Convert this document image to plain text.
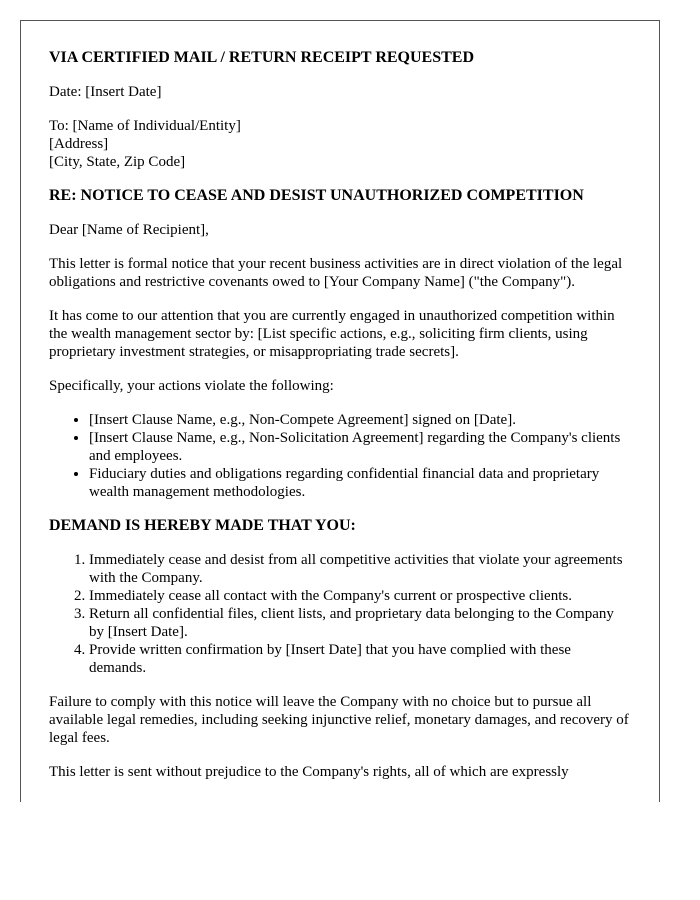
VIA CERTIFIED MAIL / RETURN RECEIPT REQUESTED

Date: [Insert Date]

To: [Name of Individual/Entity]
[Address]
[City, State, Zip Code]

RE: NOTICE TO CEASE AND DESIST UNAUTHORIZED COMPETITION

Dear [Name of Recipient],

This letter is formal notice that your recent business activities are in direct violation of the legal obligations and restrictive covenants owed to [Your Company Name] ("the Company").

It has come to our attention that you are currently engaged in unauthorized competition within the wealth management sector by: [List specific actions, e.g., soliciting firm clients, using proprietary investment strategies, or misappropriating trade secrets].

Specifically, your actions violate the following:

• [Insert Clause Name, e.g., Non-Compete Agreement] signed on [Date].
• [Insert Clause Name, e.g., Non-Solicitation Agreement] regarding the Company's clients and employees.
• Fiduciary duties and obligations regarding confidential financial data and proprietary wealth management methodologies.
DEMAND IS HEREBY MADE THAT YOU:
1. Immediately cease and desist from all competitive activities that violate your agreements with the Company.
2. Immediately cease all contact with the Company's current or prospective clients.
3. Return all confidential files, client lists, and proprietary data belonging to the Company by [Insert Date].
4. Provide written confirmation by [Insert Date] that you have complied with these demands.

Failure to comply with this notice will leave the Company with no choice but to pursue all available legal remedies, including seeking injunctive relief, monetary damages, and recovery of legal fees.

This letter is sent without prejudice to the Company's rights, all of which are expressly
